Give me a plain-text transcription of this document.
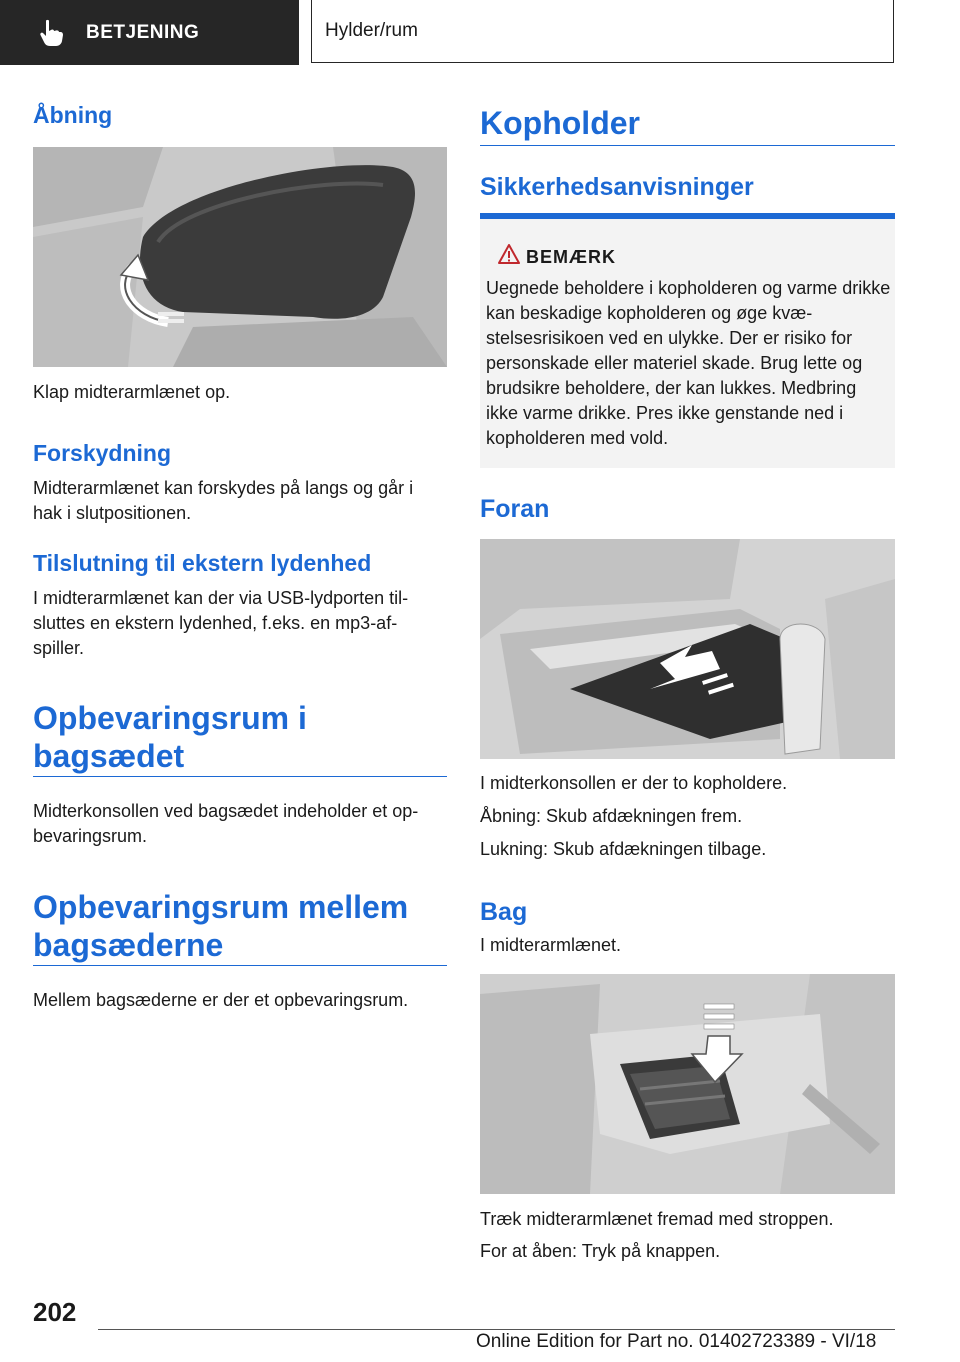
BETJENING	Hylder/rum
Åbning

Klap midterarmlænet op.

Forskydning

Midterarmlænet kan forskydes på langs og går i hak i slutpositionen.

Tilslutning til ekstern lydenhed

I midterarmlænet kan der via USB-lydporten til-sluttes en ekstern lydenhed, f.eks. en mp3-af-spiller.

Opbevaringsrum i
bagsædet

Midterkonsollen ved bagsædet indeholder et op-bevaringsrum.

Opbevaringsrum mellem
bagsæderne

Mellem bagsæderne er der et opbevaringsrum.

Kopholder
Sikkerhedsanvisninger
BEMÆRK

Uegnede beholdere i kopholderen og varme drikke kan beskadige kopholderen og øge kvæ-stelsesrisikoen ved en ulykke. Der er risiko for personskade eller materiel skade. Brug lette og brudsikre beholdere, der kan lukkes. Medbring ikke varme drikke. Pres ikke genstande ned i kopholderen med vold.

Foran

I midterkonsollen er der to kopholdere.

Åbning: Skub afdækningen frem.

Lukning: Skub afdækningen tilbage.

Bag

I midterarmlænet.

Træk midterarmlænet fremad med stroppen.

For at åben: Tryk på knappen.

202
Online Edition for Part no. 01402723389 - VI/18
